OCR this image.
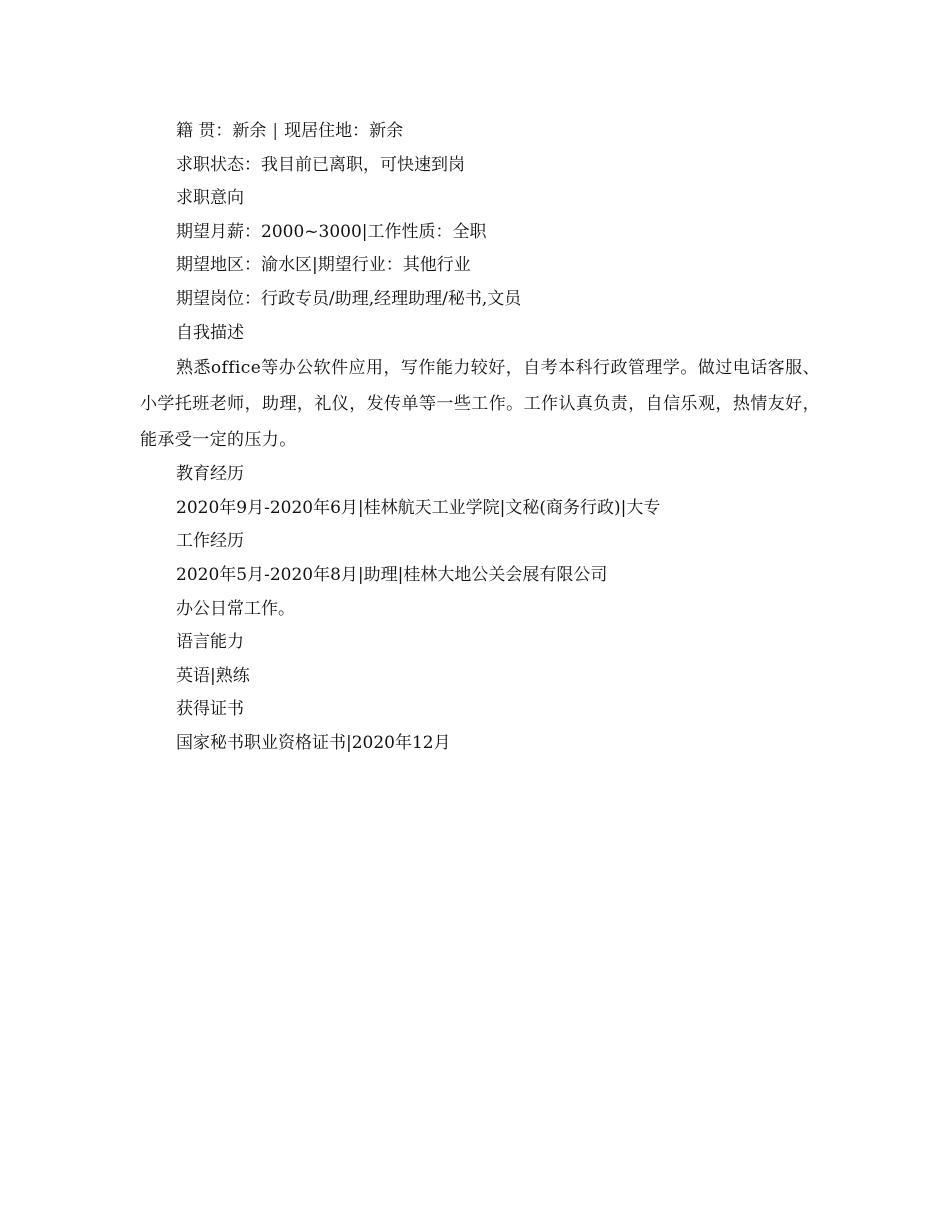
籍 贯：新余 | 现居住地：新余

求职状态：我目前已离职，可快速到岗

求职意向

期望月薪：2000~3000|工作性质：全职

期望地区：渝水区|期望行业：其他行业

期望岗位：行政专员/助理,经理助理/秘书,文员

自我描述

熟悉office等办公软件应用，写作能力较好，自考本科行政管理学。做过电话客服、小学托班老师，助理，礼仪，发传单等一些工作。工作认真负责，自信乐观，热情友好，能承受一定的压力。

教育经历

2020年9月-2020年6月|桂林航天工业学院|文秘(商务行政)|大专

工作经历

2020年5月-2020年8月|助理|桂林大地公关会展有限公司

办公日常工作。

语言能力

英语|熟练

获得证书

国家秘书职业资格证书|2020年12月
